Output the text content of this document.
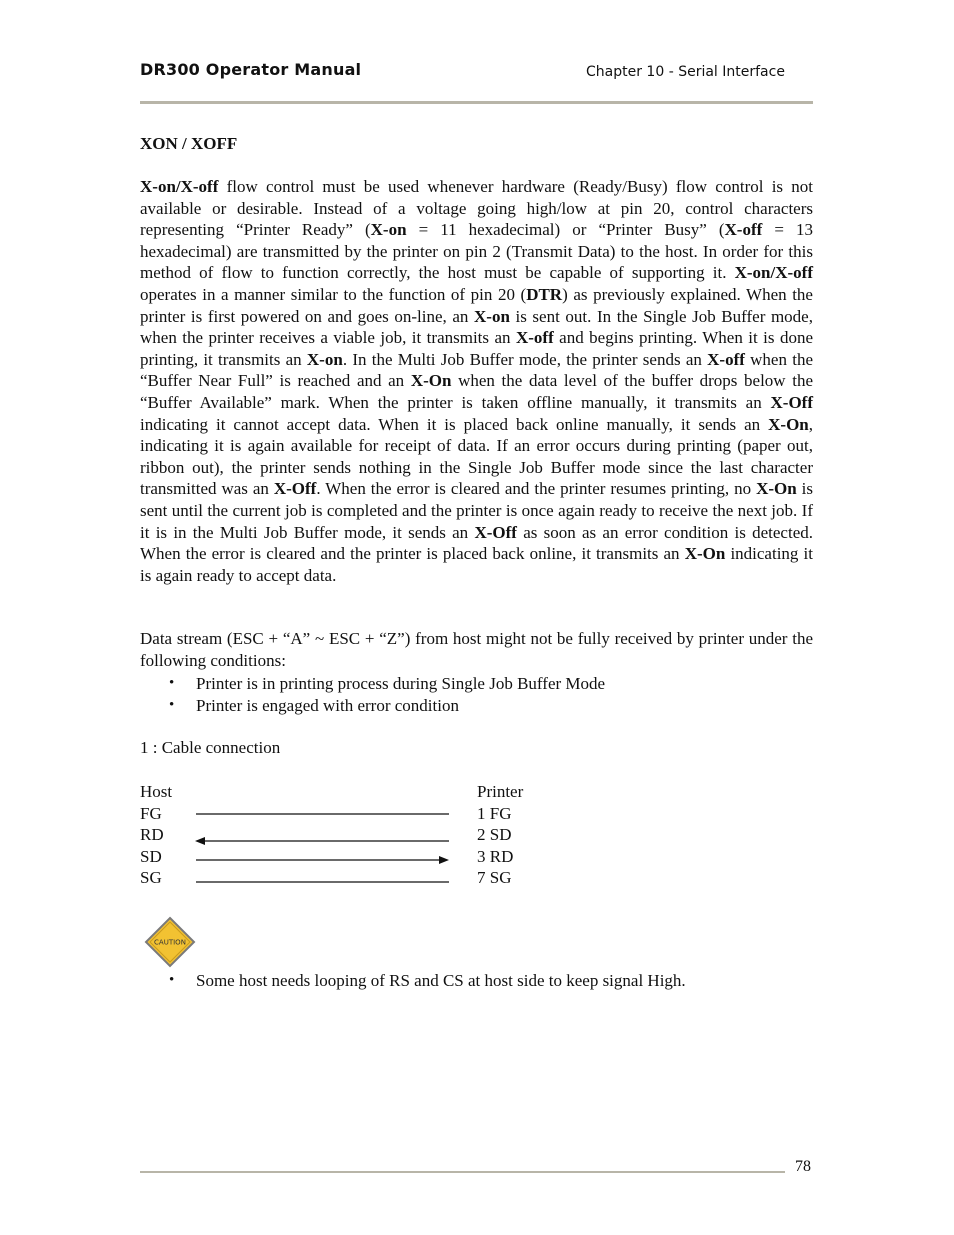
DR300 Operator Manual	Chapter 10 - Serial Interface
XON / XOFF

X-on/X-off flow control must be used whenever hardware (Ready/Busy) flow control is not available or desirable. Instead of a voltage going high/low at pin 20, control characters representing “Printer Ready” (X-on = 11 hexadecimal) or “Printer Busy” (X-off = 13 hexadecimal) are transmitted by the printer on pin 2 (Transmit Data) to the host. In order for this method of flow to function correctly, the host must be capable of supporting it. X-on/X-off operates in a manner similar to the function of pin 20 (DTR) as previously explained. When the printer is first powered on and goes on-line, an X-on is sent out. In the Single Job Buffer mode, when the printer receives a viable job, it transmits an X-off and begins printing. When it is done printing, it transmits an X-on. In the Multi Job Buffer mode, the printer sends an X-off when the “Buffer Near Full” is reached and an X-On when the data level of the buffer drops below the “Buffer Available” mark. When the printer is taken offline manually, it transmits an X-Off indicating it cannot accept data. When it is placed back online manually, it sends an X-On, indicating it is again available for receipt of data. If an error occurs during printing (paper out, ribbon out), the printer sends nothing in the Single Job Buffer mode since the last character transmitted was an X-Off. When the error is cleared and the printer resumes printing, no X-On is sent until the current job is completed and the printer is once again ready to receive the next job. If it is in the Multi Job Buffer mode, it sends an X-Off as soon as an error condition is detected. When the error is cleared and the printer is placed back online, it transmits an X-On indicating it is again ready to accept data.

Data stream (ESC + “A” ~ ESC + “Z”) from host might not be fully received by printer under the following conditions:

• Printer is in printing process during Single Job Buffer Mode
• Printer is engaged with error condition
1 : Cable connection
Host
FG
RD
SD
SG
Printer
1 FG
2 SD
3 RD
7 SG
CAUTION
• Some host needs looping of RS and CS at host side to keep signal High.
78
